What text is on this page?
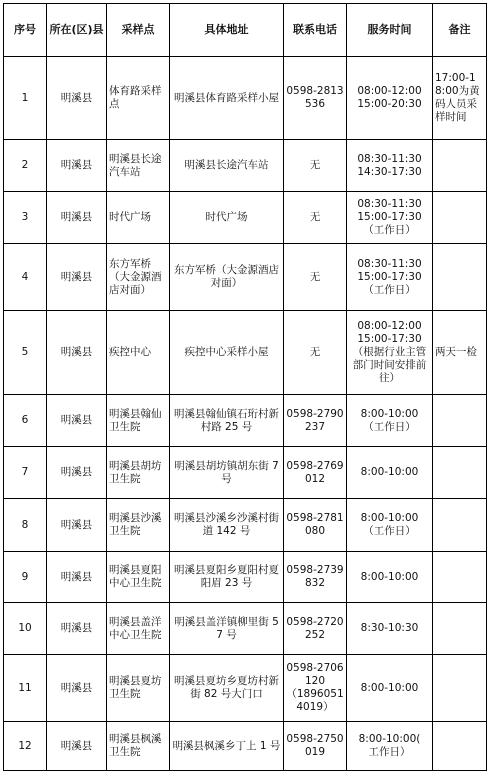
序号	所在(区)县	采样点	具体地址	联系电话	服务时间	备注
1	明溪县	体育路采样点	明溪县体育路采样小屋	0598-2813536	08:00-12:00
15:00-20:30	17:00-18:00为黄码人员采样时间
2	明溪县	明溪县长途汽车站	明溪县长途汽车站	无	08:30-11:30
14:30-17:30	
3	明溪县	时代广场	时代广场	无	08:30-11:30
15:00-17:30
（工作日）	
4	明溪县	东方军桥（大金源酒店对面）	东方军桥（大金源酒店对面）	无	08:30-11:30
15:00-17:30
（工作日）	
5	明溪县	疾控中心	疾控中心采样小屋	无	08:00-12:00
15:00-17:30
（根据行业主管部门时间安排前往）	两天一检
6	明溪县	明溪县翰仙卫生院	明溪县翰仙镇石珩村新村路 25 号	0598-2790237	8:00-10:00
（工作日）	
7	明溪县	明溪县胡坊卫生院	明溪县胡坊镇胡东街 7 号	0598-2769012	8:00-10:00	
8	明溪县	明溪县沙溪卫生院	明溪县沙溪乡沙溪村街道 142 号	0598-2781080	8:00-10:00
（工作日）	
9	明溪县	明溪县夏阳中心卫生院	明溪县夏阳乡夏阳村夏阳眉 23 号	0598-2739832	8:00-10:00	
10	明溪县	明溪县盖洋中心卫生院	明溪县盖洋镇柳里街 57 号	0598-2720252	8:30-10:30	
11	明溪县	明溪县夏坊卫生院	明溪县夏坊乡夏坊村新街 82 号大门口	0598-2706120
（18960514019）	8:00-10:00	
12	明溪县	明溪县枫溪卫生院	明溪县枫溪乡丁上 1 号	0598-2750019	8:00-10:00(
工作日）	
